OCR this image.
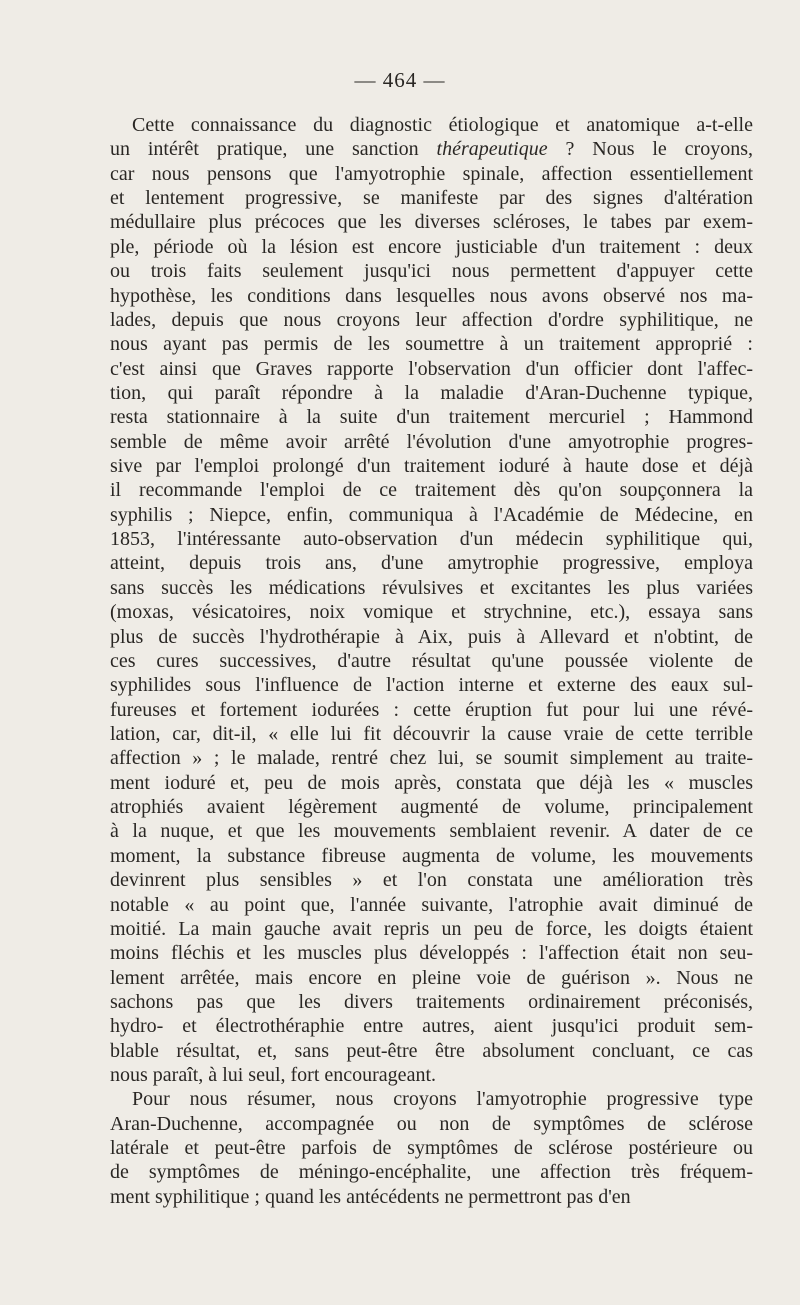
— 464 —
Cette connaissance du diagnostic étiologique et anatomique a-t-elle
un intérêt pratique, une sanction thérapeutique ? Nous le croyons,
car nous pensons que l'amyotrophie spinale, affection essentiellement
et lentement progressive, se manifeste par des signes d'altération
médullaire plus précoces que les diverses scléroses, le tabes par exem-
ple, période où la lésion est encore justiciable d'un traitement : deux
ou trois faits seulement jusqu'ici nous permettent d'appuyer cette
hypothèse, les conditions dans lesquelles nous avons observé nos ma-
lades, depuis que nous croyons leur affection d'ordre syphilitique, ne
nous ayant pas permis de les soumettre à un traitement approprié :
c'est ainsi que Graves rapporte l'observation d'un officier dont l'affec-
tion, qui paraît répondre à la maladie d'Aran-Duchenne typique,
resta stationnaire à la suite d'un traitement mercuriel ; Hammond
semble de même avoir arrêté l'évolution d'une amyotrophie progres-
sive par l'emploi prolongé d'un traitement ioduré à haute dose et déjà
il recommande l'emploi de ce traitement dès qu'on soupçonnera la
syphilis ; Niepce, enfin, communiqua à l'Académie de Médecine, en
1853, l'intéressante auto-observation d'un médecin syphilitique qui,
atteint, depuis trois ans, d'une amytrophie progressive, employa
sans succès les médications révulsives et excitantes les plus variées
(moxas, vésicatoires, noix vomique et strychnine, etc.), essaya sans
plus de succès l'hydrothérapie à Aix, puis à Allevard et n'obtint, de
ces cures successives, d'autre résultat qu'une poussée violente de
syphilides sous l'influence de l'action interne et externe des eaux sul-
fureuses et fortement iodurées : cette éruption fut pour lui une révé-
lation, car, dit-il, « elle lui fit découvrir la cause vraie de cette terrible
affection » ; le malade, rentré chez lui, se soumit simplement au traite-
ment ioduré et, peu de mois après, constata que déjà les « muscles
atrophiés avaient légèrement augmenté de volume, principalement
à la nuque, et que les mouvements semblaient revenir. A dater de ce
moment, la substance fibreuse augmenta de volume, les mouvements
devinrent plus sensibles » et l'on constata une amélioration très
notable « au point que, l'année suivante, l'atrophie avait diminué de
moitié. La main gauche avait repris un peu de force, les doigts étaient
moins fléchis et les muscles plus développés : l'affection était non seu-
lement arrêtée, mais encore en pleine voie de guérison ». Nous ne
sachons pas que les divers traitements ordinairement préconisés,
hydro- et électrothéraphie entre autres, aient jusqu'ici produit sem-
blable résultat, et, sans peut-être être absolument concluant, ce cas
nous paraît, à lui seul, fort encourageant.
Pour nous résumer, nous croyons l'amyotrophie progressive type
Aran-Duchenne, accompagnée ou non de symptômes de sclérose
latérale et peut-être parfois de symptômes de sclérose postérieure ou
de symptômes de méningo-encéphalite, une affection très fréquem-
ment syphilitique ; quand les antécédents ne permettront pas d'en
